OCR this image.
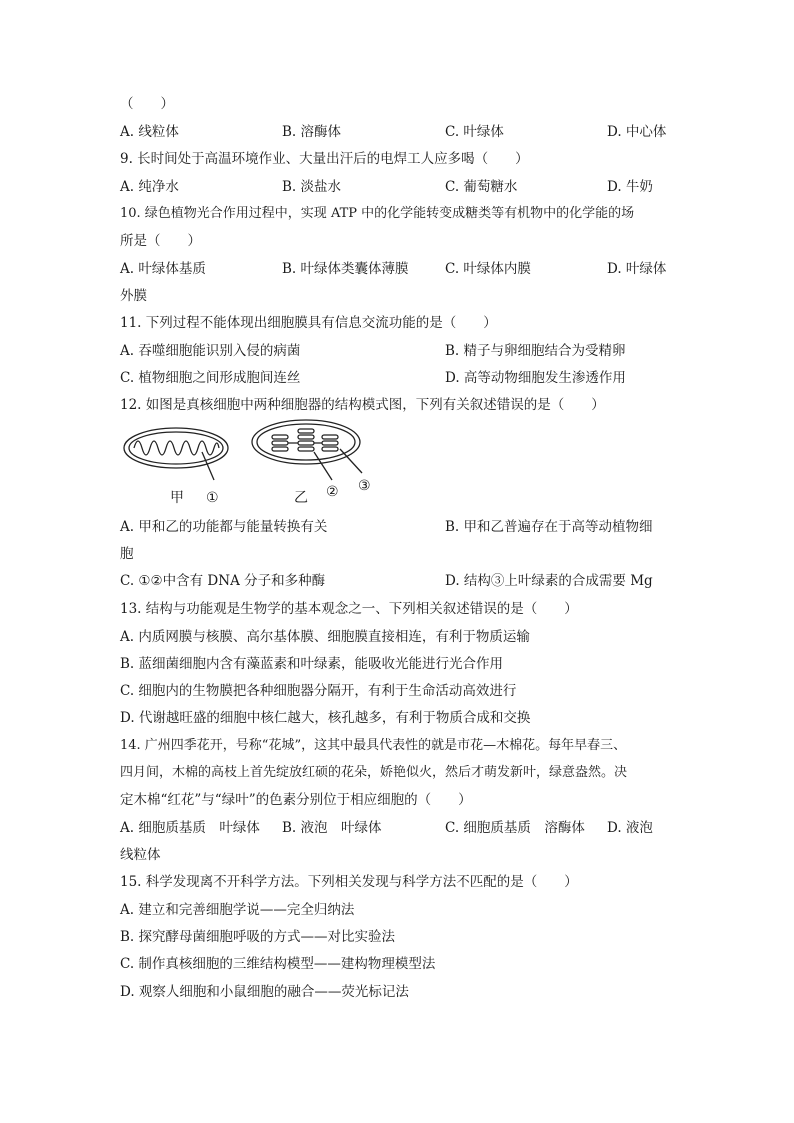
（　　）
A. 线粒体	B. 溶酶体	C. 叶绿体	D. 中心体
9. 长时间处于高温环境作业、大量出汗后的电焊工人应多喝（　　）
A. 纯净水	B. 淡盐水	C. 葡萄糖水	D. 牛奶
10. 绿色植物光合作用过程中，实现 ATP 中的化学能转变成糖类等有机物中的化学能的场
所是（　　）
A. 叶绿体基质	B. 叶绿体类囊体薄膜	C. 叶绿体内膜	D. 叶绿体
外膜
11. 下列过程不能体现出细胞膜具有信息交流功能的是（　　）
A. 吞噬细胞能识别入侵的病菌	B. 精子与卵细胞结合为受精卵
C. 植物细胞之间形成胞间连丝	D. 高等动物细胞发生渗透作用
12. 如图是真核细胞中两种细胞器的结构模式图，下列有关叙述错误的是（　　）
甲 ①	乙 ② ③
A. 甲和乙的功能都与能量转换有关	B. 甲和乙普遍存在于高等动植物细
胞
C. ①②中含有 DNA 分子和多种酶	D. 结构③上叶绿素的合成需要 Mg
13. 结构与功能观是生物学的基本观念之一、下列相关叙述错误的是（　　）
A. 内质网膜与核膜、高尔基体膜、细胞膜直接相连，有利于物质运输
B. 蓝细菌细胞内含有藻蓝素和叶绿素，能吸收光能进行光合作用
C. 细胞内的生物膜把各种细胞器分隔开，有利于生命活动高效进行
D. 代谢越旺盛的细胞中核仁越大，核孔越多，有利于物质合成和交换
14. 广州四季花开，号称“花城”，这其中最具代表性的就是市花—木棉花。每年早春三、
四月间，木棉的高枝上首先绽放红硕的花朵，娇艳似火，然后才萌发新叶，绿意盎然。决
定木棉“红花”与“绿叶”的色素分别位于相应细胞的（　　）
A. 细胞质基质　叶绿体 B. 液泡　叶绿体	C. 细胞质基质　溶酶体 D. 液泡
线粒体
15. 科学发现离不开科学方法。下列相关发现与科学方法不匹配的是（　　）
A. 建立和完善细胞学说——完全归纳法
B. 探究酵母菌细胞呼吸的方式——对比实验法
C. 制作真核细胞的三维结构模型——建构物理模型法
D. 观察人细胞和小鼠细胞的融合——荧光标记法
